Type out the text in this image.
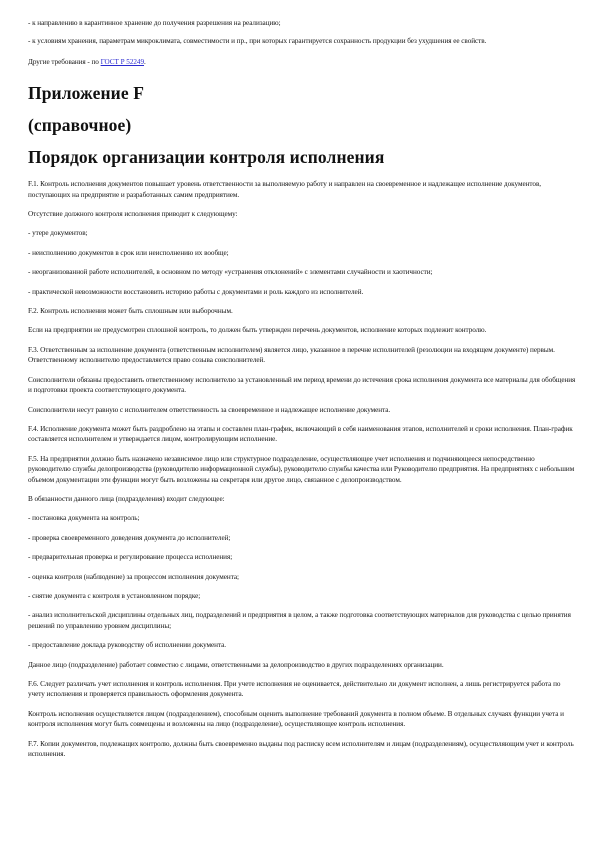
- к направлению в карантинное хранение до получения разрешения на реализацию;

- к условиям хранения, параметрам микроклимата, совместимости и пр., при которых гарантируется сохранность продукции без ухудшения ее свойств.

Другие требования - по ГОСТ Р 52249.

Приложение F
(справочное)
Порядок организации контроля исполнения

F.1. Контроль исполнения документов повышает уровень ответственности за выполняемую работу и направлен на своевременное и надлежащее исполнение документов, поступающих на предприятие и разработанных самим предприятием.

Отсутствие должного контроля исполнения приводит к следующему:

- утере документов;

- неисполнению документов в срок или неисполнению их вообще;

- неорганизованной работе исполнителей, в основном по методу «устранения отклонений» с элементами случайности и хаотичности;

- практической невозможности восстановить историю работы с документами и роль каждого из исполнителей.

F.2. Контроль исполнения может быть сплошным или выборочным.

Если на предприятии не предусмотрен сплошной контроль, то должен быть утвержден перечень документов, исполнение которых подлежит контролю.

F.3. Ответственным за исполнение документа (ответственным исполнителем) является лицо, указанное в перечне исполнителей (резолюции на входящем документе) первым. Ответственному исполнителю предоставляется право созыва соисполнителей.

Соисполнители обязаны предоставить ответственному исполнителю за установленный им период времени до истечения срока исполнения документа все материалы для обобщения и подготовки проекта соответствующего документа.

Соисполнители несут равную с исполнителем ответственность за своевременное и надлежащее исполнение документа.

F.4. Исполнение документа может быть раздроблено на этапы и составлен план-график, включающий в себя наименования этапов, исполнителей и сроки исполнения. План-график составляется исполнителем и утверждается лицом, контролирующим исполнение.

F.5. На предприятии должно быть назначено независимое лицо или структурное подразделение, осуществляющее учет исполнения и подчиняющееся непосредственно руководителю службы делопроизводства (руководителю информационной службы), руководителю службы качества или Руководителю предприятия. На предприятиях с небольшим объемом документации эти функции могут быть возложены на секретаря или другое лицо, связанное с делопроизводством.

В обязанности данного лица (подразделения) входит следующее:

- постановка документа на контроль;

- проверка своевременного доведения документа до исполнителей;

- предварительная проверка и регулирование процесса исполнения;

- оценка контроля (наблюдение) за процессом исполнения документа;

- снятие документа с контроля в установленном порядке;

- анализ исполнительской дисциплины отдельных лиц, подразделений и предприятия в целом, а также подготовка соответствующих материалов для руководства с целью принятия решений по управлению уровнем дисциплины;

- предоставление доклада руководству об исполнении документа.

Данное лицо (подразделение) работает совместно с лицами, ответственными за делопроизводство в других подразделениях организации.

F.6. Следует различать учет исполнения и контроль исполнения. При учете исполнения не оценивается, действительно ли документ исполнен, а лишь регистрируется работа по учету исполнения и проверяется правильность оформления документа.

Контроль исполнения осуществляется лицом (подразделением), способным оценить выполнение требований документа в полном объеме. В отдельных случаях функции учета и контроля исполнения могут быть совмещены и возложены на лицо (подразделение), осуществляющее контроль исполнения.

F.7. Копии документов, подлежащих контролю, должны быть своевременно выданы под расписку всем исполнителям и лицам (подразделениям), осуществляющим учет и контроль исполнения.
